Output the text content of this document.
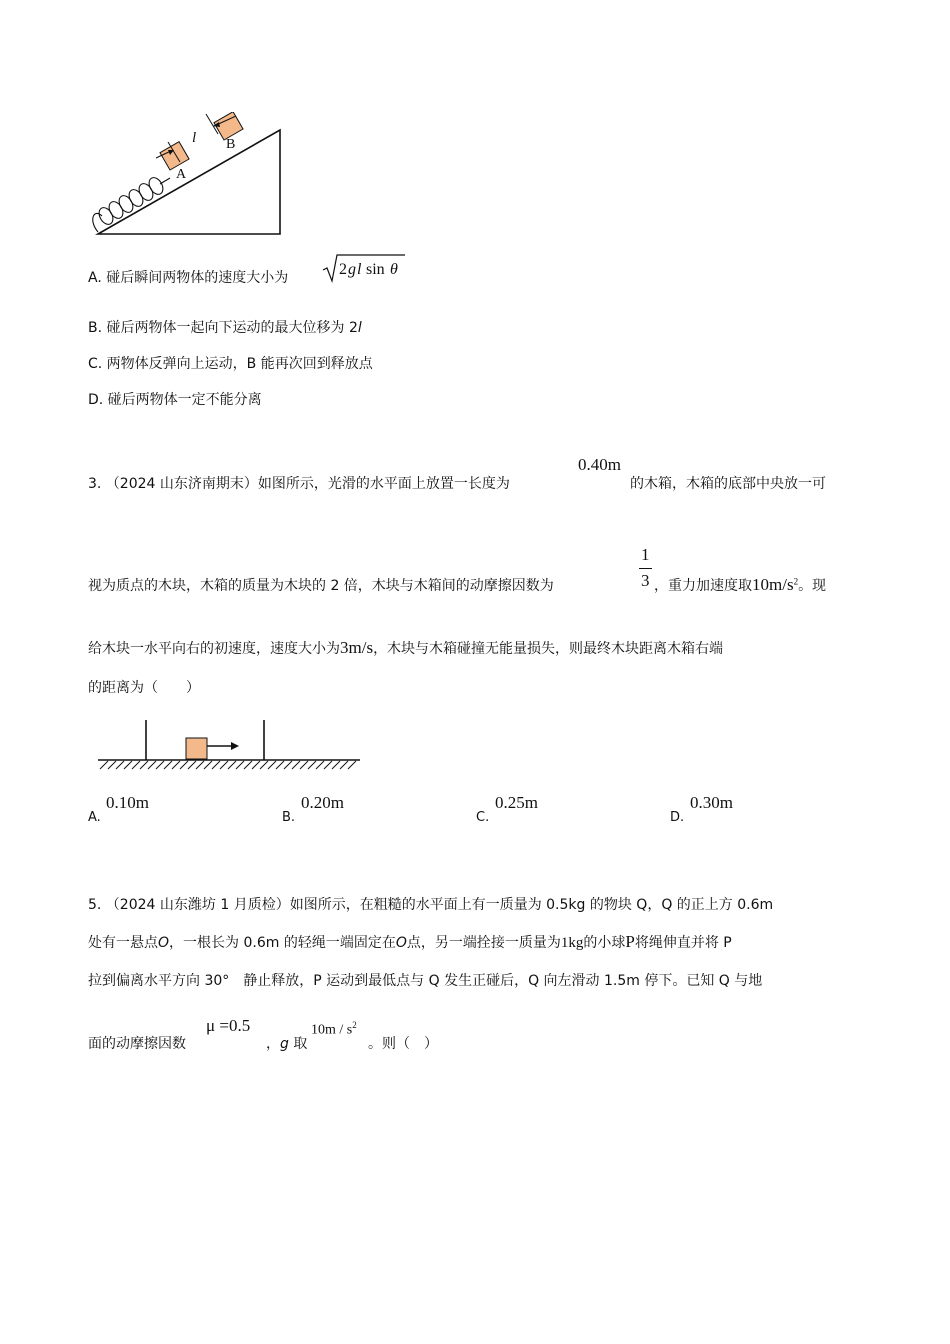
A
B
l
A. 碰后瞬间两物体的速度大小为	2 g l sin θ
B. 碰后两物体一起向下运动的最大位移为 2l
C. 两物体反弹向上运动，B 能再次回到释放点
D. 碰后两物体一定不能分离
3. （2024 山东济南期末）如图所示，光滑的水平面上放置一长度为
0.40m
的木箱，木箱的底部中央放一可
视为质点的木块，木箱的质量为木块的 2 倍，木块与木箱间的动摩擦因数为
1
3 ，重力加速度取$10m/s^2$。现
给木块一水平向右的初速度，速度大小为3m/s，木块与木箱碰撞无能量损失，则最终木块距离木箱右端
的距离为（　　）
A.
0.10m
B.
0.20m
C.
0.25m
D.
0.30m
5. （2024 山东潍坊 1 月质检）如图所示，在粗糙的水平面上有一质量为 0.5kg 的物块 Q，Q 的正上方 0.6m
处有一悬点O，一根长为 0.6m 的轻绳一端固定在O点，另一端拴接一质量为1kg的小球P将绳伸直并将 P
拉到偏离水平方向 30°　静止释放，P 运动到最低点与 Q 发生正碰后，Q 向左滑动 1.5m 停下。已知 Q 与地
面的动摩擦因数
μ =0.5
，g 取
$10m / s^2$
。则（　）
